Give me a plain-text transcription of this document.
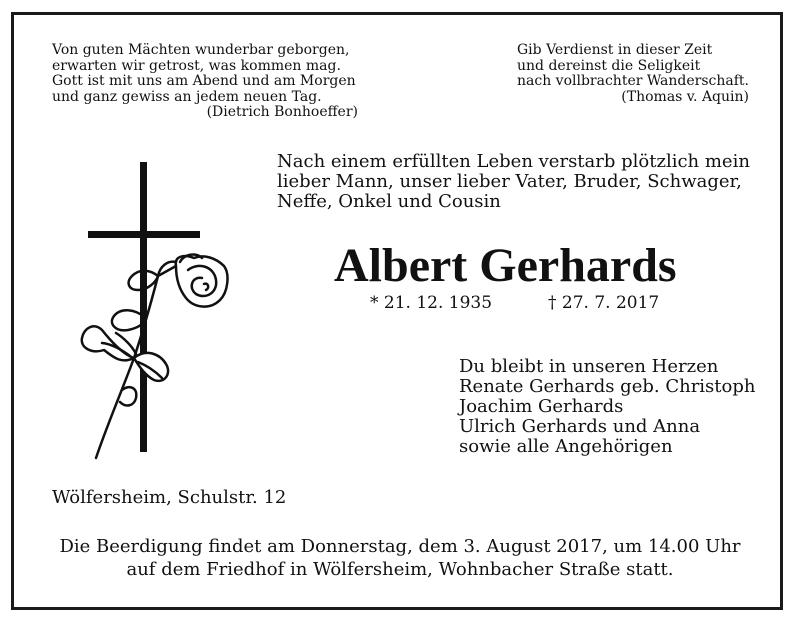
Von guten Mächten wunderbar geborgen,
erwarten wir getrost, was kommen mag.
Gott ist mit uns am Abend und am Morgen
und ganz gewiss an jedem neuen Tag.
(Dietrich Bonhoeffer)
Gib Verdienst in dieser Zeit
und dereinst die Seligkeit
nach vollbrachter Wanderschaft.
(Thomas v. Aquin)
Nach einem erfüllten Leben verstarb plötzlich mein
lieber Mann, unser lieber Vater, Bruder, Schwager,
Neffe, Onkel und Cousin
Albert Gerhards
* 21. 12. 1935	† 27. 7. 2017
Du bleibt in unseren Herzen
Renate Gerhards geb. Christoph
Joachim Gerhards
Ulrich Gerhards und Anna
sowie alle Angehörigen
Wölfersheim, Schulstr. 12
Die Beerdigung findet am Donnerstag, dem 3. August 2017, um 14.00 Uhr
auf dem Friedhof in Wölfersheim, Wohnbacher Straße statt.
